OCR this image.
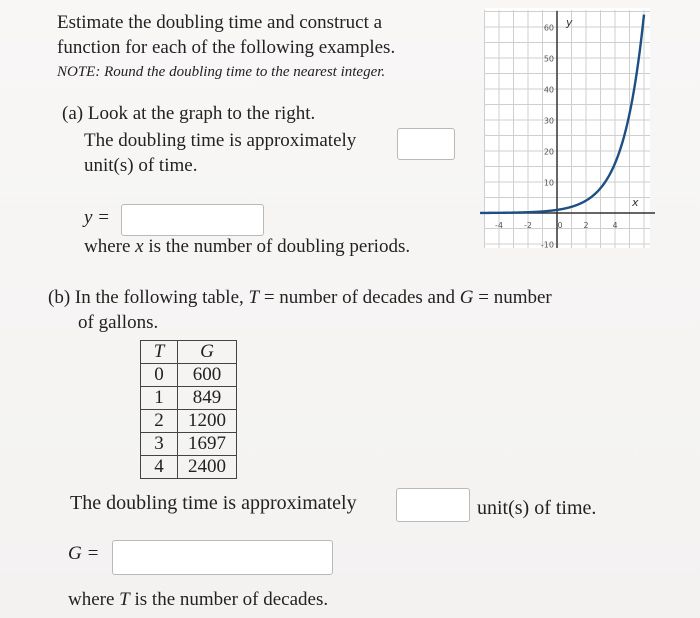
Estimate the doubling time and construct a
function for each of the following examples.
NOTE: Round the doubling time to the nearest integer.
(a) Look at the graph to the right.
The doubling time is approximately
unit(s) of time.
y =
where x is the number of doubling periods.
60
50
40
30
20
10
-10
-4	-2	0	2	4
y
x
(b) In the following table, T = number of decades and G = number
of gallons.
T	G
0	600
1	849
2	1200
3	1697
4	2400
The doubling time is approximately	unit(s) of time.
G =
where T is the number of decades.
